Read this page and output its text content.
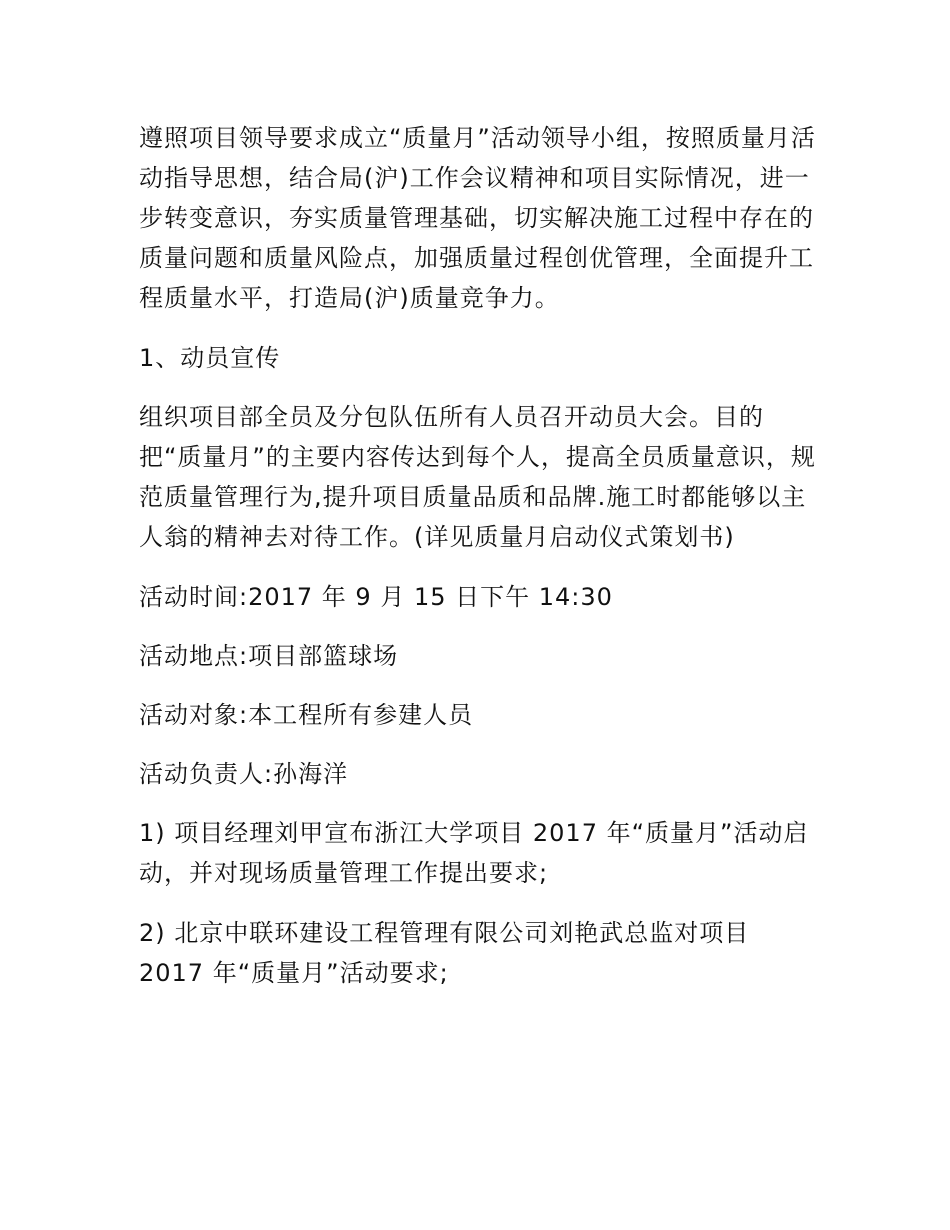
遵照项目领导要求成立“质量月”活动领导小组，按照质量月活动指导思想，结合局(沪)工作会议精神和项目实际情况，进一步转变意识，夯实质量管理基础，切实解决施工过程中存在的质量问题和质量风险点，加强质量过程创优管理，全面提升工程质量水平，打造局(沪)质量竞争力。

1、动员宣传

组织项目部全员及分包队伍所有人员召开动员大会。目的把“质量月”的主要内容传达到每个人，提高全员质量意识，规范质量管理行为,提升项目质量品质和品牌.施工时都能够以主人翁的精神去对待工作。(详见质量月启动仪式策划书)

活动时间:2017 年 9 月 15 日下午 14:30

活动地点:项目部篮球场

活动对象:本工程所有参建人员

活动负责人:孙海洋

1) 项目经理刘甲宣布浙江大学项目 2017 年“质量月”活动启动，并对现场质量管理工作提出要求;

2) 北京中联环建设工程管理有限公司刘艳武总监对项目 2017 年“质量月”活动要求;
